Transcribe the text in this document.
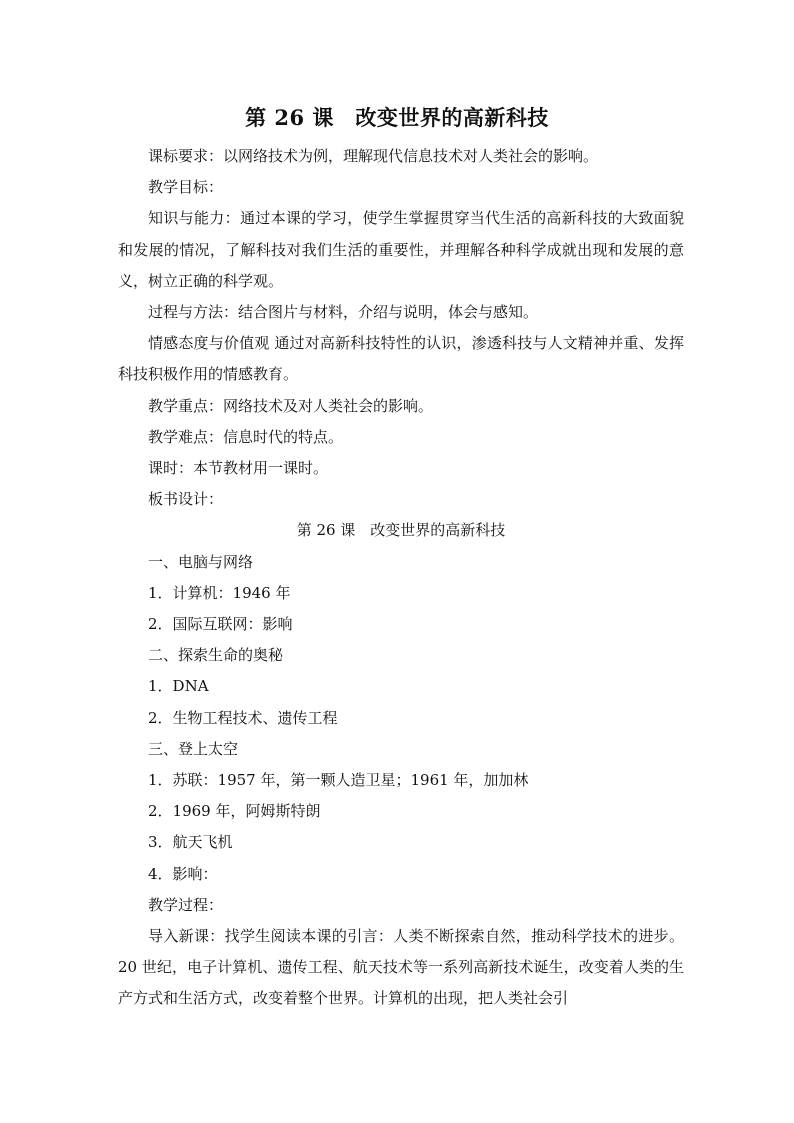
第 26 课　改变世界的高新科技

课标要求：以网络技术为例，理解现代信息技术对人类社会的影响。

教学目标：

知识与能力：通过本课的学习，使学生掌握贯穿当代生活的高新科技的大致面貌和发展的情况，了解科技对我们生活的重要性，并理解各种科学成就出现和发展的意义，树立正确的科学观。

过程与方法：结合图片与材料，介绍与说明，体会与感知。

情感态度与价值观 通过对高新科技特性的认识，渗透科技与人文精神并重、发挥科技积极作用的情感教育。

教学重点：网络技术及对人类社会的影响。

教学难点：信息时代的特点。

课时：本节教材用一课时。

板书设计：

第 26 课　改变世界的高新科技

一、电脑与网络

1．计算机：1946 年

2．国际互联网：影响

二、探索生命的奥秘

1．DNA

2．生物工程技术、遗传工程

三、登上太空

1．苏联：1957 年，第一颗人造卫星；1961 年，加加林

2．1969 年，阿姆斯特朗

3．航天飞机

4．影响：

教学过程：

导入新课：找学生阅读本课的引言：人类不断探索自然，推动科学技术的进步。20 世纪，电子计算机、遗传工程、航天技术等一系列高新技术诞生，改变着人类的生产方式和生活方式，改变着整个世界。计算机的出现，把人类社会引
